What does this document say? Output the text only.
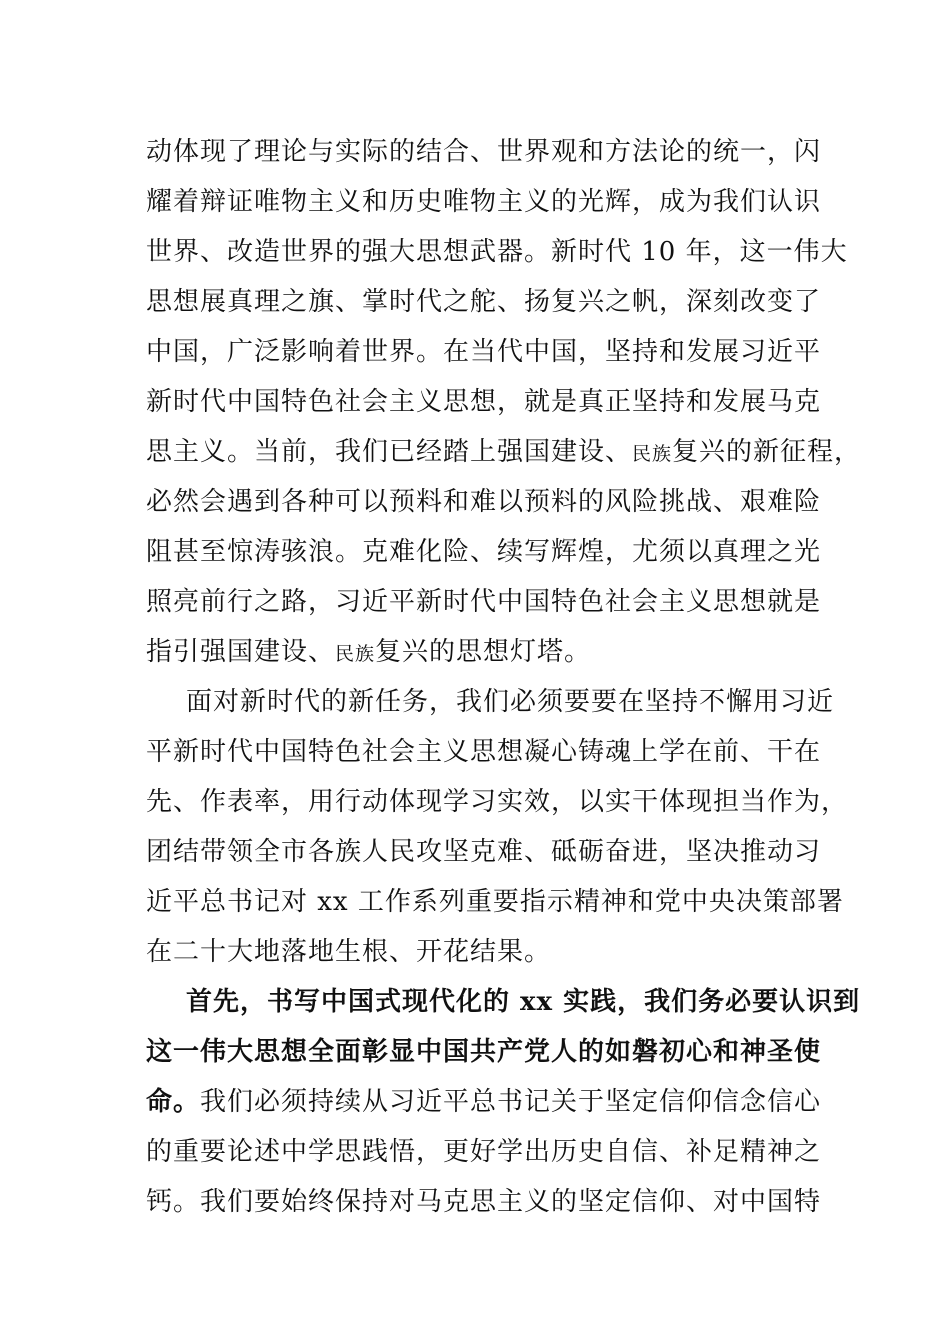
动体现了理论与实际的结合、世界观和方法论的统一，闪
耀着辩证唯物主义和历史唯物主义的光辉，成为我们认识
世界、改造世界的强大思想武器。新时代 10 年，这一伟大
思想展真理之旗、掌时代之舵、扬复兴之帆，深刻改变了
中国，广泛影响着世界。在当代中国，坚持和发展习近平
新时代中国特色社会主义思想，就是真正坚持和发展马克
思主义。当前，我们已经踏上强国建设、民族复兴的新征程，
必然会遇到各种可以预料和难以预料的风险挑战、艰难险
阻甚至惊涛骇浪。克难化险、续写辉煌，尤须以真理之光
照亮前行之路，习近平新时代中国特色社会主义思想就是
指引强国建设、民族复兴的思想灯塔。
面对新时代的新任务，我们必须要要在坚持不懈用习近
平新时代中国特色社会主义思想凝心铸魂上学在前、干在
先、作表率，用行动体现学习实效，以实干体现担当作为，
团结带领全市各族人民攻坚克难、砥砺奋进，坚决推动习
近平总书记对 xx 工作系列重要指示精神和党中央决策部署
在二十大地落地生根、开花结果。
首先，书写中国式现代化的 xx 实践，我们务必要认识到
这一伟大思想全面彰显中国共产党人的如磐初心和神圣使
命。我们必须持续从习近平总书记关于坚定信仰信念信心
的重要论述中学思践悟，更好学出历史自信、补足精神之
钙。我们要始终保持对马克思主义的坚定信仰、对中国特
